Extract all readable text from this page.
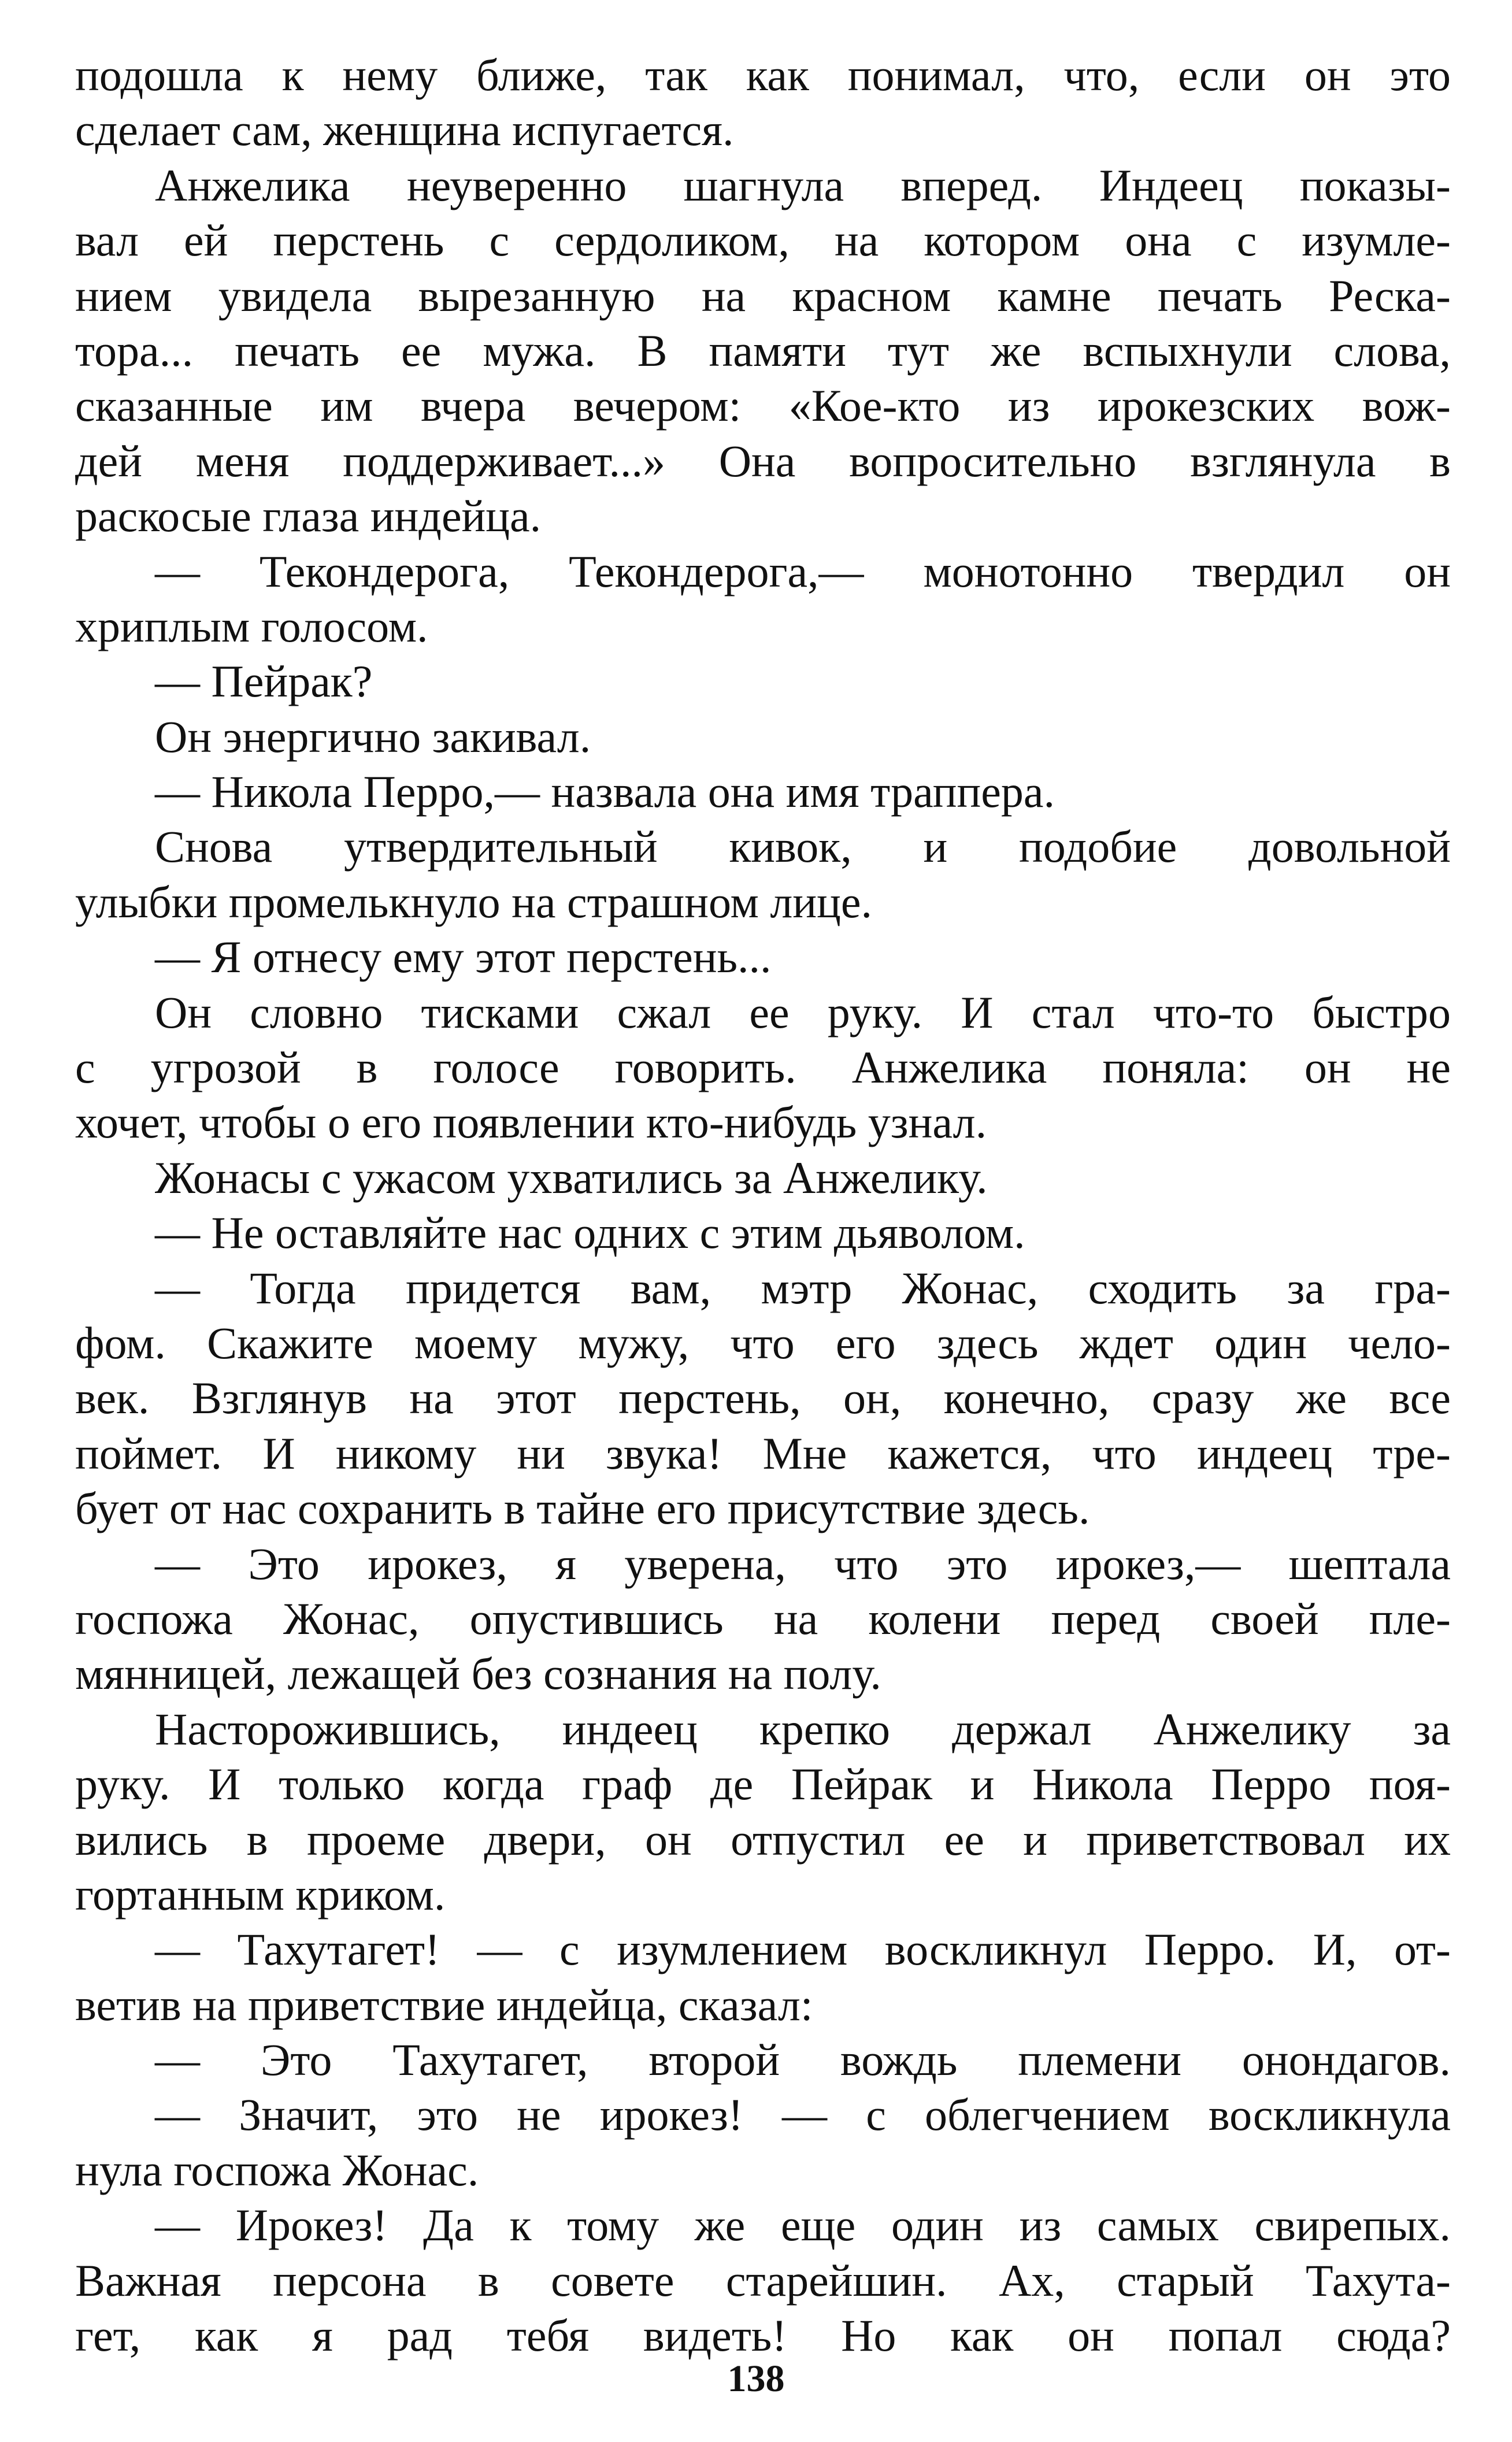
подошла к нему ближе, так как понимал, что, если он это
сделает сам, женщина испугается.
Анжелика неуверенно шагнула вперед. Индеец показы-
вал ей перстень с сердоликом, на котором она с изумле-
нием увидела вырезанную на красном камне печать Реска-
тора... печать ее мужа. В памяти тут же вспыхнули слова,
сказанные им вчера вечером: «Кое-кто из ирокезских вож-
дей меня поддерживает...» Она вопросительно взглянула в
раскосые глаза индейца.
— Текондерога, Текондерога,— монотонно твердил он
хриплым голосом.
— Пейрак?
Он энергично закивал.
— Никола Перро,— назвала она имя траппера.
Снова утвердительный кивок, и подобие довольной
улыбки промелькнуло на страшном лице.
— Я отнесу ему этот перстень...
Он словно тисками сжал ее руку. И стал что-то быстро
с угрозой в голосе говорить. Анжелика поняла: он не
хочет, чтобы о его появлении кто-нибудь узнал.
Жонасы с ужасом ухватились за Анжелику.
— Не оставляйте нас одних с этим дьяволом.
— Тогда придется вам, мэтр Жонас, сходить за гра-
фом. Скажите моему мужу, что его здесь ждет один чело-
век. Взглянув на этот перстень, он, конечно, сразу же все
поймет. И никому ни звука! Мне кажется, что индеец тре-
бует от нас сохранить в тайне его присутствие здесь.
— Это ирокез, я уверена, что это ирокез,— шептала
госпожа Жонас, опустившись на колени перед своей пле-
мянницей, лежащей без сознания на полу.
Насторожившись, индеец крепко держал Анжелику за
руку. И только когда граф де Пейрак и Никола Перро поя-
вились в проеме двери, он отпустил ее и приветствовал их
гортанным криком.
— Тахутагет! — с изумлением воскликнул Перро. И, от-
ветив на приветствие индейца, сказал:
— Это Тахутагет, второй вождь племени онондагов.
— Значит, это не ирокез! — с облегчением воскликнула
нула госпожа Жонас.
— Ирокез! Да к тому же еще один из самых свирепых.
Важная персона в совете старейшин. Ах, старый Тахута-
гет, как я рад тебя видеть! Но как он попал сюда?
138
